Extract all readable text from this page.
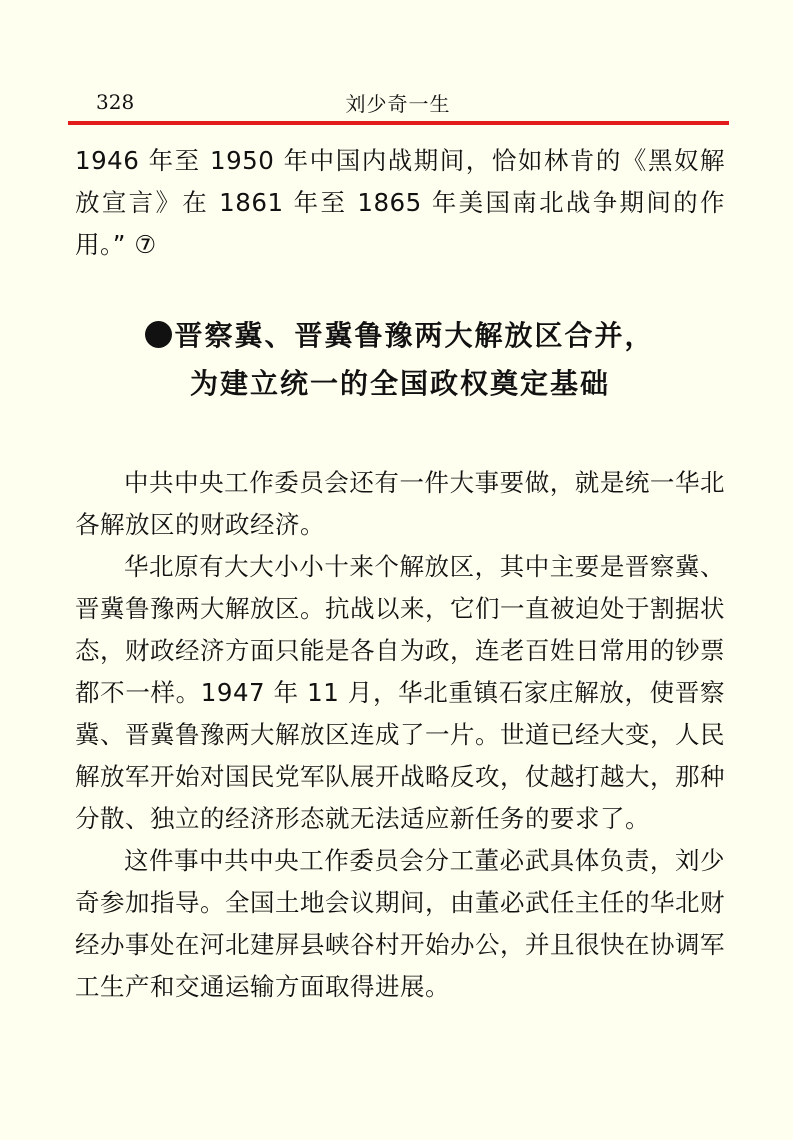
328	刘少奇一生

1946 年至 1950 年中国内战期间，恰如林肯的《黑奴解放宣言》在 1861 年至 1865 年美国南北战争期间的作用。” ⑦

晋察冀、晋冀鲁豫两大解放区合并，
为建立统一的全国政权奠定基础

中共中央工作委员会还有一件大事要做，就是统一华北各解放区的财政经济。

华北原有大大小小十来个解放区，其中主要是晋察冀、晋冀鲁豫两大解放区。抗战以来，它们一直被迫处于割据状态，财政经济方面只能是各自为政，连老百姓日常用的钞票都不一样。1947 年 11 月，华北重镇石家庄解放，使晋察冀、晋冀鲁豫两大解放区连成了一片。世道已经大变，人民解放军开始对国民党军队展开战略反攻，仗越打越大，那种分散、独立的经济形态就无法适应新任务的要求了。

这件事中共中央工作委员会分工董必武具体负责，刘少奇参加指导。全国土地会议期间，由董必武任主任的华北财经办事处在河北建屏县峡谷村开始办公，并且很快在协调军工生产和交通运输方面取得进展。
